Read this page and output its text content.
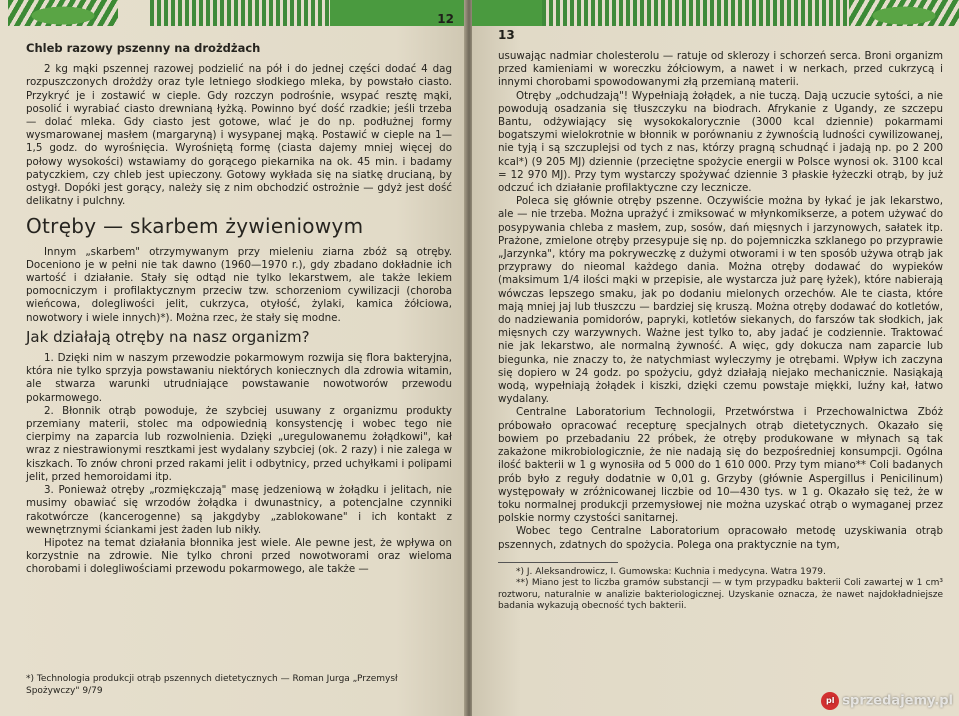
12
Chleb razowy pszenny na drożdżach

2 kg mąki pszennej razowej podzielić na pół i do jednej części dodać 4 dag rozpuszczonych drożdży oraz tyle letniego słodkiego mleka, by powstało ciasto. Przykryć je i zostawić w cieple. Gdy rozczyn podrośnie, wsypać resztę mąki, posolić i wyrabiać ciasto drewnianą łyżką. Powinno być dość rzadkie; jeśli trzeba — dolać mleka. Gdy ciasto jest gotowe, wlać je do np. podłużnej formy wysmarowanej masłem (margaryną) i wysypanej mąką. Postawić w cieple na 1—1,5 godz. do wyrośnięcia. Wyrośniętą formę (ciasta dajemy mniej więcej do połowy wysokości) wstawiamy do gorącego piekarnika na ok. 45 min. i badamy patyczkiem, czy chleb jest upieczony. Gotowy wykłada się na siatkę drucianą, by ostygł. Dopóki jest gorący, należy się z nim obchodzić ostrożnie — gdyż jest dość delikatny i pulchny.

Otręby — skarbem żywieniowym

Innym „skarbem" otrzymywanym przy mieleniu ziarna zbóż są otręby. Doceniono je w pełni nie tak dawno (1960—1970 r.), gdy zbadano dokładnie ich wartość i działanie. Stały się odtąd nie tylko lekarstwem, ale także lekiem pomocniczym i profilaktycznym przeciw tzw. schorzeniom cywilizacji (choroba wieńcowa, dolegliwości jelit, cukrzyca, otyłość, żylaki, kamica żółciowa, nowotwory i wiele innych)*). Można rzec, że stały się modne.

Jak działają otręby na nasz organizm?

1. Dzięki nim w naszym przewodzie pokarmowym rozwija się flora bakteryjna, która nie tylko sprzyja powstawaniu niektórych koniecznych dla zdrowia witamin, ale stwarza warunki utrudniające powstawanie nowotworów przewodu pokarmowego.

2. Błonnik otrąb powoduje, że szybciej usuwany z organizmu produkty przemiany materii, stolec ma odpowiednią konsystencję i wobec tego nie cierpimy na zaparcia lub rozwolnienia. Dzięki „uregulowanemu żołądkowi", kał wraz z niestrawionymi resztkami jest wydalany szybciej (ok. 2 razy) i nie zalega w kiszkach. To znów chroni przed rakami jelit i odbytnicy, przed uchyłkami i polipami jelit, przed hemoroidami itp.

3. Ponieważ otręby „rozmiękczają" masę jedzeniową w żołądku i jelitach, nie musimy obawiać się wrzodów żołądka i dwunastnicy, a potencjalne czynniki rakotwórcze (kancerogenne) są jakgdyby „zablokowane" i ich kontakt z wewnętrznymi ściankami jest żaden lub nikły.

Hipotez na temat działania błonnika jest wiele. Ale pewne jest, że wpływa on korzystnie na zdrowie. Nie tylko chroni przed nowotworami oraz wieloma chorobami i dolegliwościami przewodu pokarmowego, ale także —

*) Technologia produkcji otrąb pszennych dietetycznych — Roman Jurga „Przemysł Spożywczy" 9/79
13

usuwając nadmiar cholesterolu — ratuje od sklerozy i schorzeń serca. Broni organizm przed kamieniami w woreczku żółciowym, a nawet i w nerkach, przed cukrzycą i innymi chorobami spowodowanymi złą przemianą materii.

Otręby „odchudzają"! Wypełniają żołądek, a nie tuczą. Dają uczucie sytości, a nie powodują osadzania się tłuszczyku na biodrach. Afrykanie z Ugandy, ze szczepu Bantu, odżywiający się wysokokalorycznie (3000 kcal dziennie) pokarmami bogatszymi wielokrotnie w błonnik w porównaniu z żywnością ludności cywilizowanej, nie tyją i są szczuplejsi od tych z nas, którzy pragną schudnąć i jadają np. po 2 200 kcal*) (9 205 MJ) dziennie (przeciętne spożycie energii w Polsce wynosi ok. 3100 kcal = 12 970 MJ). Przy tym wystarczy spożywać dziennie 3 płaskie łyżeczki otrąb, by już odczuć ich działanie profilaktyczne czy lecznicze.

Poleca się głównie otręby pszenne. Oczywiście można by łykać je jak lekarstwo, ale — nie trzeba. Można uprażyć i zmiksować w młynkomikserze, a potem używać do posypywania chleba z masłem, zup, sosów, dań mięsnych i jarzynowych, sałatek itp. Prażone, zmielone otręby przesypuje się np. do pojemniczka szklanego po przyprawie „Jarzynka", który ma pokryweczkę z dużymi otworami i w ten sposób używa otrąb jak przyprawy do nieomal każdego dania. Można otręby dodawać do wypieków (maksimum 1/4 ilości mąki w przepisie, ale wystarcza już parę łyżek), które nabierają wówczas lepszego smaku, jak po dodaniu mielonych orzechów. Ale te ciasta, które mają mniej jaj lub tłuszczu — bardziej się kruszą. Można otręby dodawać do kotletów, do nadziewania pomidorów, papryki, kotletów siekanych, do farszów tak słodkich, jak mięsnych czy warzywnych. Ważne jest tylko to, aby jadać je codziennie. Traktować nie jak lekarstwo, ale normalną żywność. A więc, gdy dokucza nam zaparcie lub biegunka, nie znaczy to, że natychmiast wyleczymy je otrębami. Wpływ ich zaczyna się dopiero w 24 godz. po spożyciu, gdyż działają niejako mechanicznie. Nasiąkają wodą, wypełniają żołądek i kiszki, dzięki czemu powstaje miękki, luźny kał, łatwo wydalany.

Centralne Laboratorium Technologii, Przetwórstwa i Przechowalnictwa Zbóż próbowało opracować recepturę specjalnych otrąb dietetycznych. Okazało się bowiem po przebadaniu 22 próbek, że otręby produkowane w młynach są tak zakażone mikrobiologicznie, że nie nadają się do bezpośredniej konsumpcji. Ogólna ilość bakterii w 1 g wynosiła od 5 000 do 1 610 000. Przy tym miano** Coli badanych prób było z reguły dodatnie w 0,01 g. Grzyby (głównie Aspergillus i Penicilinum) występowały w zróżnicowanej liczbie od 10—430 tys. w 1 g. Okazało się też, że w toku normalnej produkcji przemysłowej nie można uzyskać otrąb o wymaganej przez polskie normy czystości sanitarnej.

Wobec tego Centralne Laboratorium opracowało metodę uzyskiwania otrąb pszennych, zdatnych do spożycia. Polega ona praktycznie na tym,

*) J. Aleksandrowicz, I. Gumowska: Kuchnia i medycyna. Watra 1979.

**) Miano jest to liczba gramów substancji — w tym przypadku bakterii Coli zawartej w 1 cm³ roztworu, naturalnie w analizie bakteriologicznej. Uzyskanie oznacza, że nawet najdokładniejsze badania wykazują obecność tych bakterii.

pl sprzedajemy.pl
